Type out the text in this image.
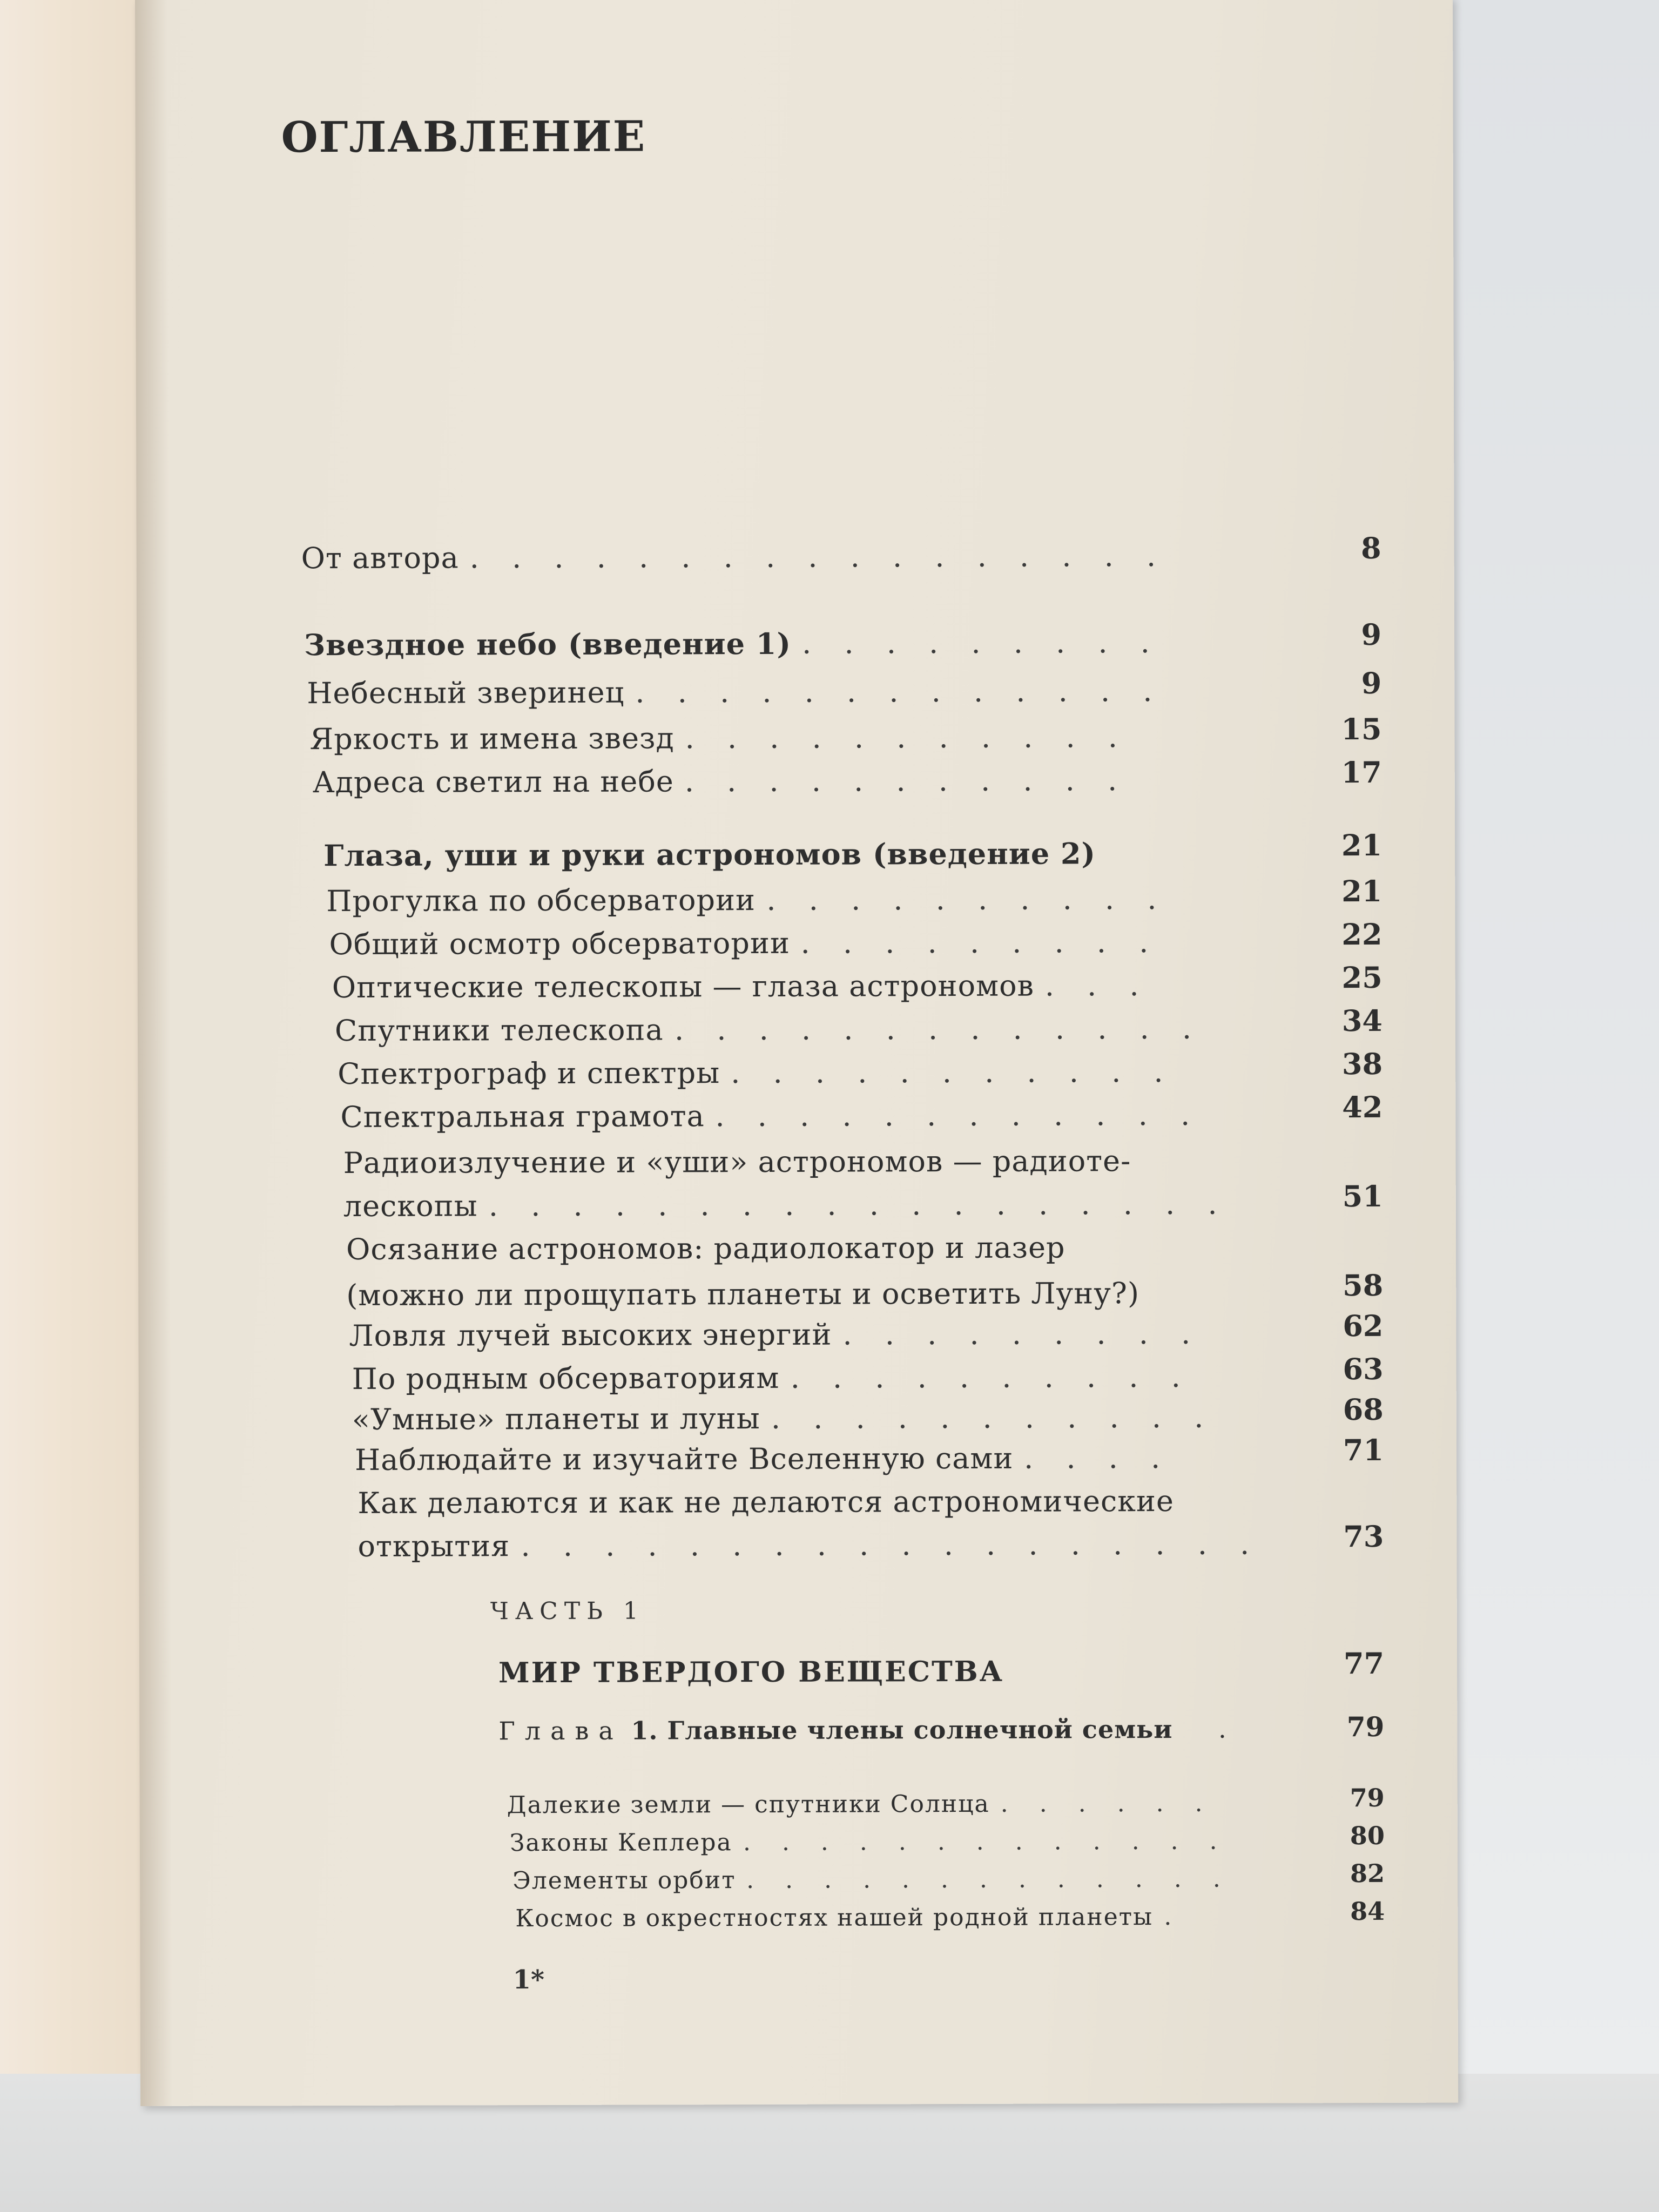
ОГЛАВЛЕНИЕ
От автора . . . . . . . . . . . . . . . . .	8
Звездное небо (введение 1) . . . . . . . . .	9
Небесный зверинец . . . . . . . . . . . . .	9
Яркость и имена звезд . . . . . . . . . . .	15
Адреса светил на небе . . . . . . . . . . .	17
Глаза, уши и руки астрономов (введение 2)	21
Прогулка по обсерватории . . . . . . . . . .	21
Общий осмотр обсерватории . . . . . . . . .	22
Оптические телескопы — глаза астрономов . . .	25
Спутники телескопа . . . . . . . . . . . . .	34
Спектрограф и спектры . . . . . . . . . . .	38
Спектральная грамота . . . . . . . . . . . .	42
Радиоизлучение и «уши» астрономов — радиоте-
лескопы . . . . . . . . . . . . . . . . . .	51
Осязание астрономов: радиолокатор и лазер
(можно ли прощупать планеты и осветить Луну?)	58
Ловля лучей высоких энергий . . . . . . . . .	62
По родным обсерваториям . . . . . . . . . .	63
«Умные» планеты и луны . . . . . . . . . . .	68
Наблюдайте и изучайте Вселенную сами . . . .	71
Как делаются и как не делаются астрономические
открытия . . . . . . . . . . . . . . . . . .	73
ЧАСТЬ 1
МИР ТВЕРДОГО ВЕЩЕСТВА	77
Глава 1. Главные члены солнечной семьи .	79
Далекие земли — спутники Солнца . . . . . .	79
Законы Кеплера . . . . . . . . . . . . .	80
Элементы орбит . . . . . . . . . . . . .	82
Космос в окрестностях нашей родной планеты .	84
1*
